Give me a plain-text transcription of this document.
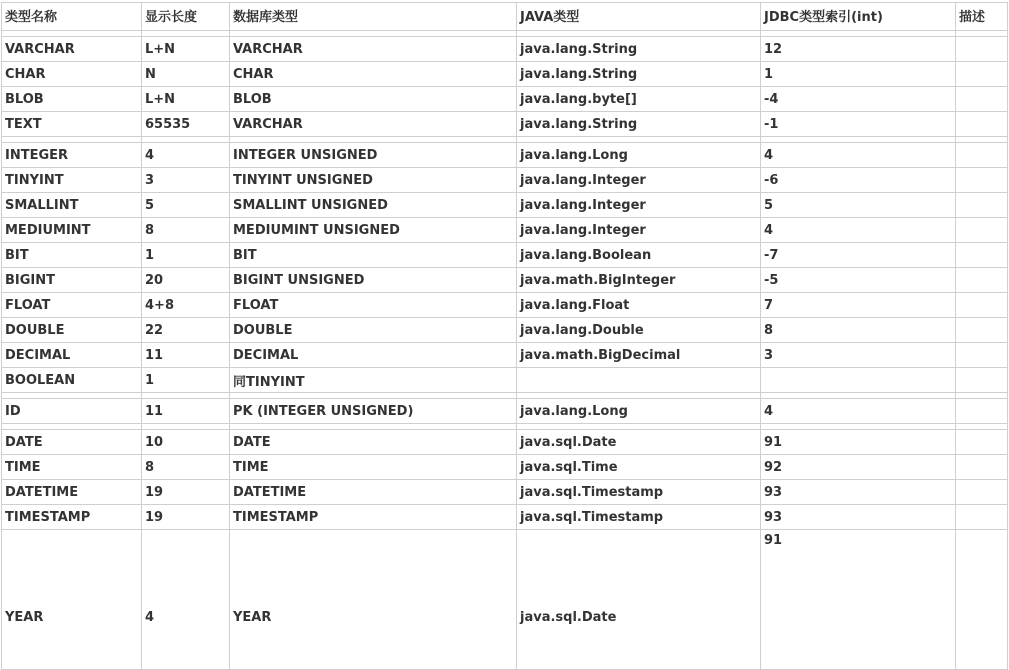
类型名称	显示长度	数据库类型	JAVA类型	JDBC类型索引(int)	描述

VARCHAR	L+N	VARCHAR	java.lang.String	12	
CHAR	N	CHAR	java.lang.String	1	
BLOB	L+N	BLOB	java.lang.byte[]	-4	
TEXT	65535	VARCHAR	java.lang.String	-1	

INTEGER	4	INTEGER UNSIGNED	java.lang.Long	4	
TINYINT	3	TINYINT UNSIGNED	java.lang.Integer	-6	
SMALLINT	5	SMALLINT UNSIGNED	java.lang.Integer	5	
MEDIUMINT	8	MEDIUMINT UNSIGNED	java.lang.Integer	4	
BIT	1	BIT	java.lang.Boolean	-7	
BIGINT	20	BIGINT UNSIGNED	java.math.BigInteger	-5	
FLOAT	4+8	FLOAT	java.lang.Float	7	
DOUBLE	22	DOUBLE	java.lang.Double	8	
DECIMAL	11	DECIMAL	java.math.BigDecimal	3	
BOOLEAN	1	同TINYINT			

ID	11	PK (INTEGER UNSIGNED)	java.lang.Long	4	

DATE	10	DATE	java.sql.Date	91	
TIME	8	TIME	java.sql.Time	92	
DATETIME	19	DATETIME	java.sql.Timestamp	93	
TIMESTAMP	19	TIMESTAMP	java.sql.Timestamp	93	
YEAR	4	YEAR	java.sql.Date	91	
